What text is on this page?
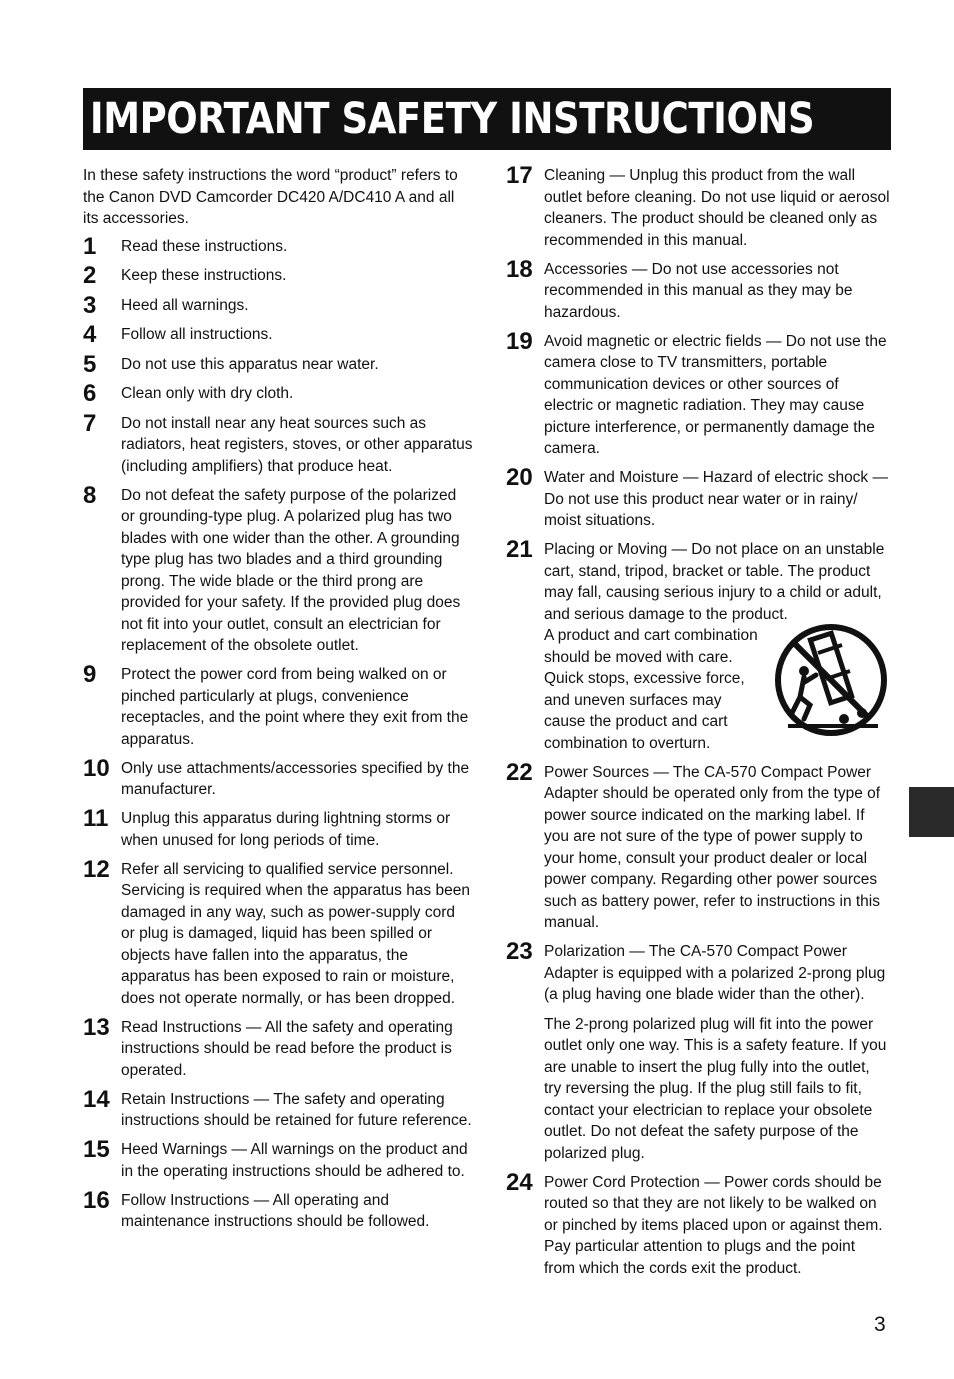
IMPORTANT SAFETY INSTRUCTIONS

In these safety instructions the word “product” refers to the Canon DVD Camcorder DC420 A/DC410 A and all its accessories.

1	Read these instructions.

2	Keep these instructions.

3	Heed all warnings.

4	Follow all instructions.

5	Do not use this apparatus near water.

6	Clean only with dry cloth.

7	Do not install near any heat sources such as radiators, heat registers, stoves, or other apparatus (including amplifiers) that produce heat.

8	Do not defeat the safety purpose of the polarized or grounding-type plug. A polarized plug has two blades with one wider than the other. A grounding type plug has two blades and a third grounding prong. The wide blade or the third prong are provided for your safety. If the provided plug does not fit into your outlet, consult an electrician for replacement of the obsolete outlet.

9	Protect the power cord from being walked on or pinched particularly at plugs, convenience receptacles, and the point where they exit from the apparatus.

10 Only use attachments/accessories specified by the manufacturer.

11 Unplug this apparatus during lightning storms or when unused for long periods of time.

12 Refer all servicing to qualified service personnel. Servicing is required when the apparatus has been damaged in any way, such as power-supply cord or plug is damaged, liquid has been spilled or objects have fallen into the apparatus, the apparatus has been exposed to rain or moisture, does not operate normally, or has been dropped.

13 Read Instructions — All the safety and operating instructions should be read before the product is operated.

14 Retain Instructions — The safety and operating instructions should be retained for future reference.

15 Heed Warnings — All warnings on the product and in the operating instructions should be adhered to.

16 Follow Instructions — All operating and maintenance instructions should be followed.

17 Cleaning — Unplug this product from the wall outlet before cleaning. Do not use liquid or aerosol cleaners. The product should be cleaned only as recommended in this manual.

18 Accessories — Do not use accessories not recommended in this manual as they may be hazardous.

19 Avoid magnetic or electric fields — Do not use the camera close to TV transmitters, portable communication devices or other sources of electric or magnetic radiation. They may cause picture interference, or permanently damage the camera.

20 Water and Moisture — Hazard of electric shock — Do not use this product near water or in rainy/ moist situations.

21 Placing or Moving — Do not place on an unstable cart, stand, tripod, bracket or table. The product may fall, causing serious injury to a child or adult, and serious damage to the product.

A product and cart combination should be moved with care. Quick stops, excessive force, and uneven surfaces may cause the product and cart combination to overturn.

22 Power Sources — The CA-570 Compact Power Adapter should be operated only from the type of power source indicated on the marking label. If you are not sure of the type of power supply to your home, consult your product dealer or local power company. Regarding other power sources such as battery power, refer to instructions in this manual.

23 Polarization — The CA-570 Compact Power Adapter is equipped with a polarized 2-prong plug (a plug having one blade wider than the other).

The 2-prong polarized plug will fit into the power outlet only one way. This is a safety feature. If you are unable to insert the plug fully into the outlet, try reversing the plug. If the plug still fails to fit, contact your electrician to replace your obsolete outlet. Do not defeat the safety purpose of the polarized plug.

24 Power Cord Protection — Power cords should be routed so that they are not likely to be walked on or pinched by items placed upon or against them. Pay particular attention to plugs and the point from which the cords exit the product.

3
